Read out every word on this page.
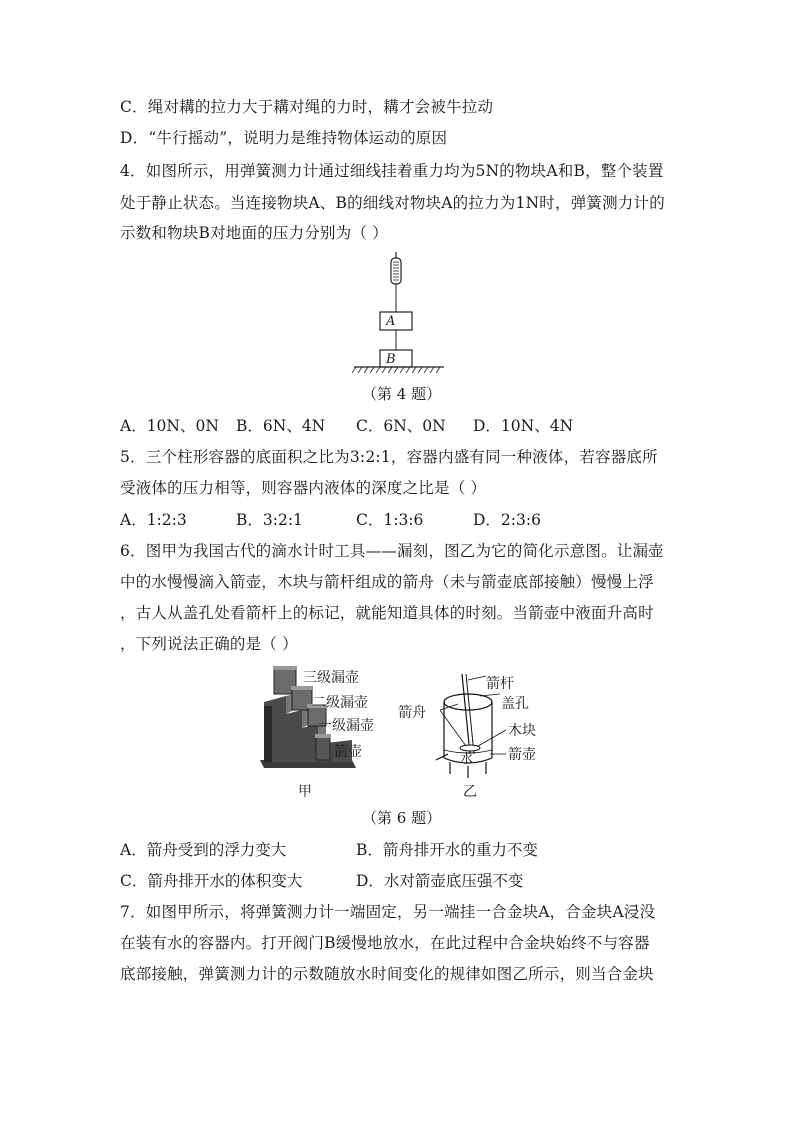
C．绳对耩的拉力大于耩对绳的力时，耩才会被牛拉动
D．“牛行摇动”，说明力是维持物体运动的原因
4．如图所示，用弹簧测力计通过细线挂着重力均为5N的物块A和B，整个装置
处于静止状态。当连接物块A、B的细线对物块A的拉力为1N时，弹簧测力计的
示数和物块B对地面的压力分别为（ ）
A
B
（第 4 题）
A．10N、0N B．6N、4N C．6N、0N D．10N、4N
5．三个柱形容器的底面积之比为3:2:1，容器内盛有同一种液体，若容器底所
受液体的压力相等，则容器内液体的深度之比是（ ）
A．1:2:3	B．3:2:1	C．1:3:6	D．2:3:6
6．图甲为我国古代的滴水计时工具——漏刻，图乙为它的简化示意图。让漏壶
中的水慢慢滴入箭壶，木块与箭杆组成的箭舟（未与箭壶底部接触）慢慢上浮
，古人从盖孔处看箭杆上的标记，就能知道具体的时刻。当箭壶中液面升高时
，下列说法正确的是（ ）
三级漏壶
二级漏壶
一级漏壶
箭壶
甲
箭杆
盖孔
箭舟
木块
水 箭壶
乙
（第 6 题）
A．箭舟受到的浮力变大	B．箭舟排开水的重力不变
C．箭舟排开水的体积变大	D．水对箭壶底压强不变
7．如图甲所示，将弹簧测力计一端固定，另一端挂一合金块A，合金块A浸没
在装有水的容器内。打开阀门B缓慢地放水，在此过程中合金块始终不与容器
底部接触，弹簧测力计的示数随放水时间变化的规律如图乙所示，则当合金块
